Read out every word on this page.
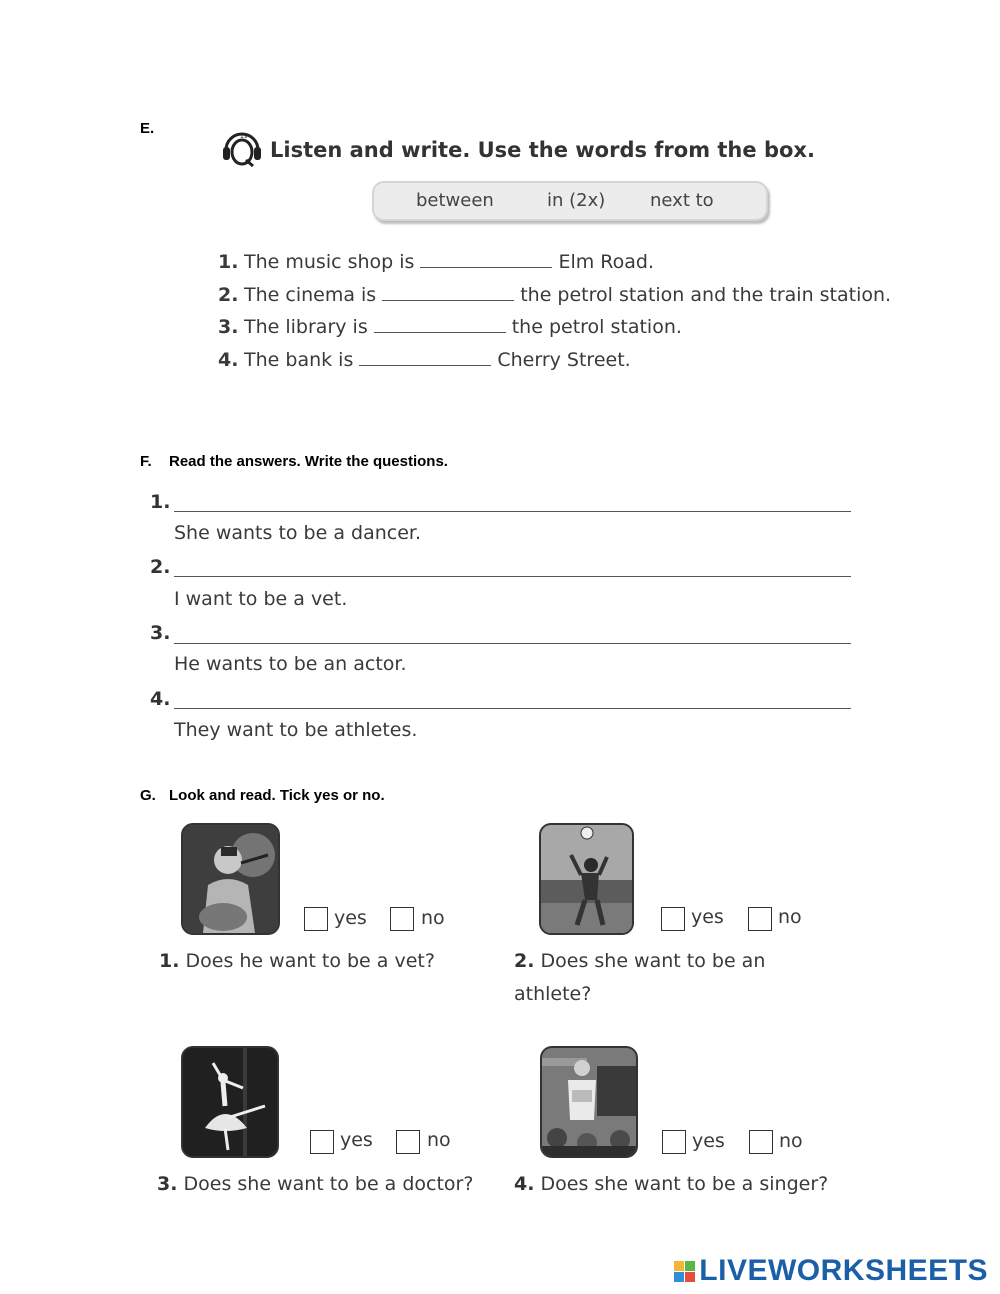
E.	19
Listen and write. Use the words from the box.
between	in (2x) next to
1. The music shop is	Elm Road.
2. The cinema is	the petrol station and the train station.
3. The library is	the petrol station.
4. The bank is	Cherry Street.
F. Read the answers. Write the questions.
1.
She wants to be a dancer.
2.
I want to be a vet.
3.
He wants to be an actor.
4.
They want to be athletes.
G. Look and read. Tick yes or no.
yes	no
1. Does he want to be a vet?
yes	no
2. Does she want to be an athlete?
yes	no
3. Does she want to be a doctor?
yes	no
4. Does she want to be a singer?
LIVEWORKSHEETS
